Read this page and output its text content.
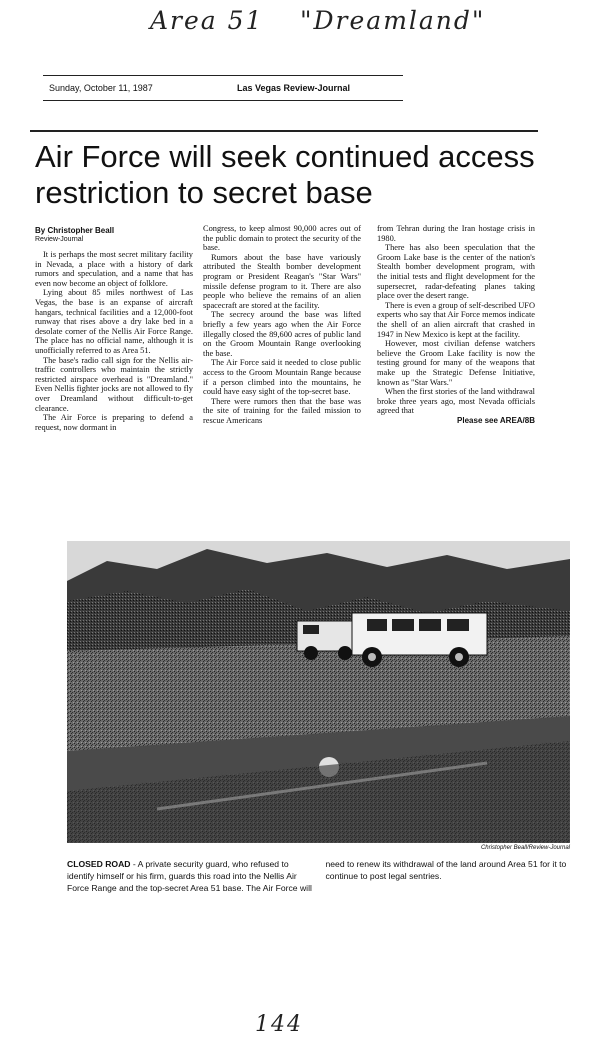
Area 51 "Dreamland"
Sunday, October 11, 1987	Las Vegas Review-Journal
Air Force will seek continued access restriction to secret base
By Christopher Beall
Review-Journal

It is perhaps the most secret military facility in Nevada, a place with a history of dark rumors and speculation, and a name that has even now become an object of folklore.

Lying about 85 miles northwest of Las Vegas, the base is an expanse of aircraft hangars, technical facilities and a 12,000-foot runway that rises above a dry lake bed in a desolate corner of the Nellis Air Force Range. The place has no official name, although it is unofficially referred to as Area 51.

The base's radio call sign for the Nellis air-traffic controllers who maintain the strictly restricted airspace overhead is "Dreamland." Even Nellis fighter jocks are not allowed to fly over Dreamland without difficult-to-get clearance.

The Air Force is preparing to defend a request, now dormant in

Congress, to keep almost 90,000 acres out of the public domain to protect the security of the base.

Rumors about the base have variously attributed the Stealth bomber development program or President Reagan's "Star Wars" missile defense program to it. There are also people who believe the remains of an alien spacecraft are stored at the facility.

The secrecy around the base was lifted briefly a few years ago when the Air Force illegally closed the 89,600 acres of public land on the Groom Mountain Range overlooking the base.

The Air Force said it needed to close public access to the Groom Mountain Range because if a person climbed into the mountains, he could have easy sight of the top-secret base.

There were rumors then that the base was the site of training for the failed mission to rescue Americans

from Tehran during the Iran hostage crisis in 1980.

There has also been speculation that the Groom Lake base is the center of the nation's Stealth bomber development program, with the initial tests and flight development for the supersecret, radar-defeating planes taking place over the desert range.

There is even a group of self-described UFO experts who say that Air Force memos indicate the shell of an alien aircraft that crashed in 1947 in New Mexico is kept at the facility.

However, most civilian defense watchers believe the Groom Lake facility is now the testing ground for many of the weapons that make up the Strategic Defense Initiative, known as "Star Wars."

When the first stories of the land withdrawal broke three years ago, most Nevada officials agreed that

Please see AREA/8B
Christopher Beall/Review-Journal
CLOSED ROAD - A private security guard, who refused to identify himself or his firm, guards this road into the Nellis Air Force Range and the top-secret Area 51 base. The Air Force will need to renew its withdrawal of the land around Area 51 for it to continue to post legal sentries.
144
